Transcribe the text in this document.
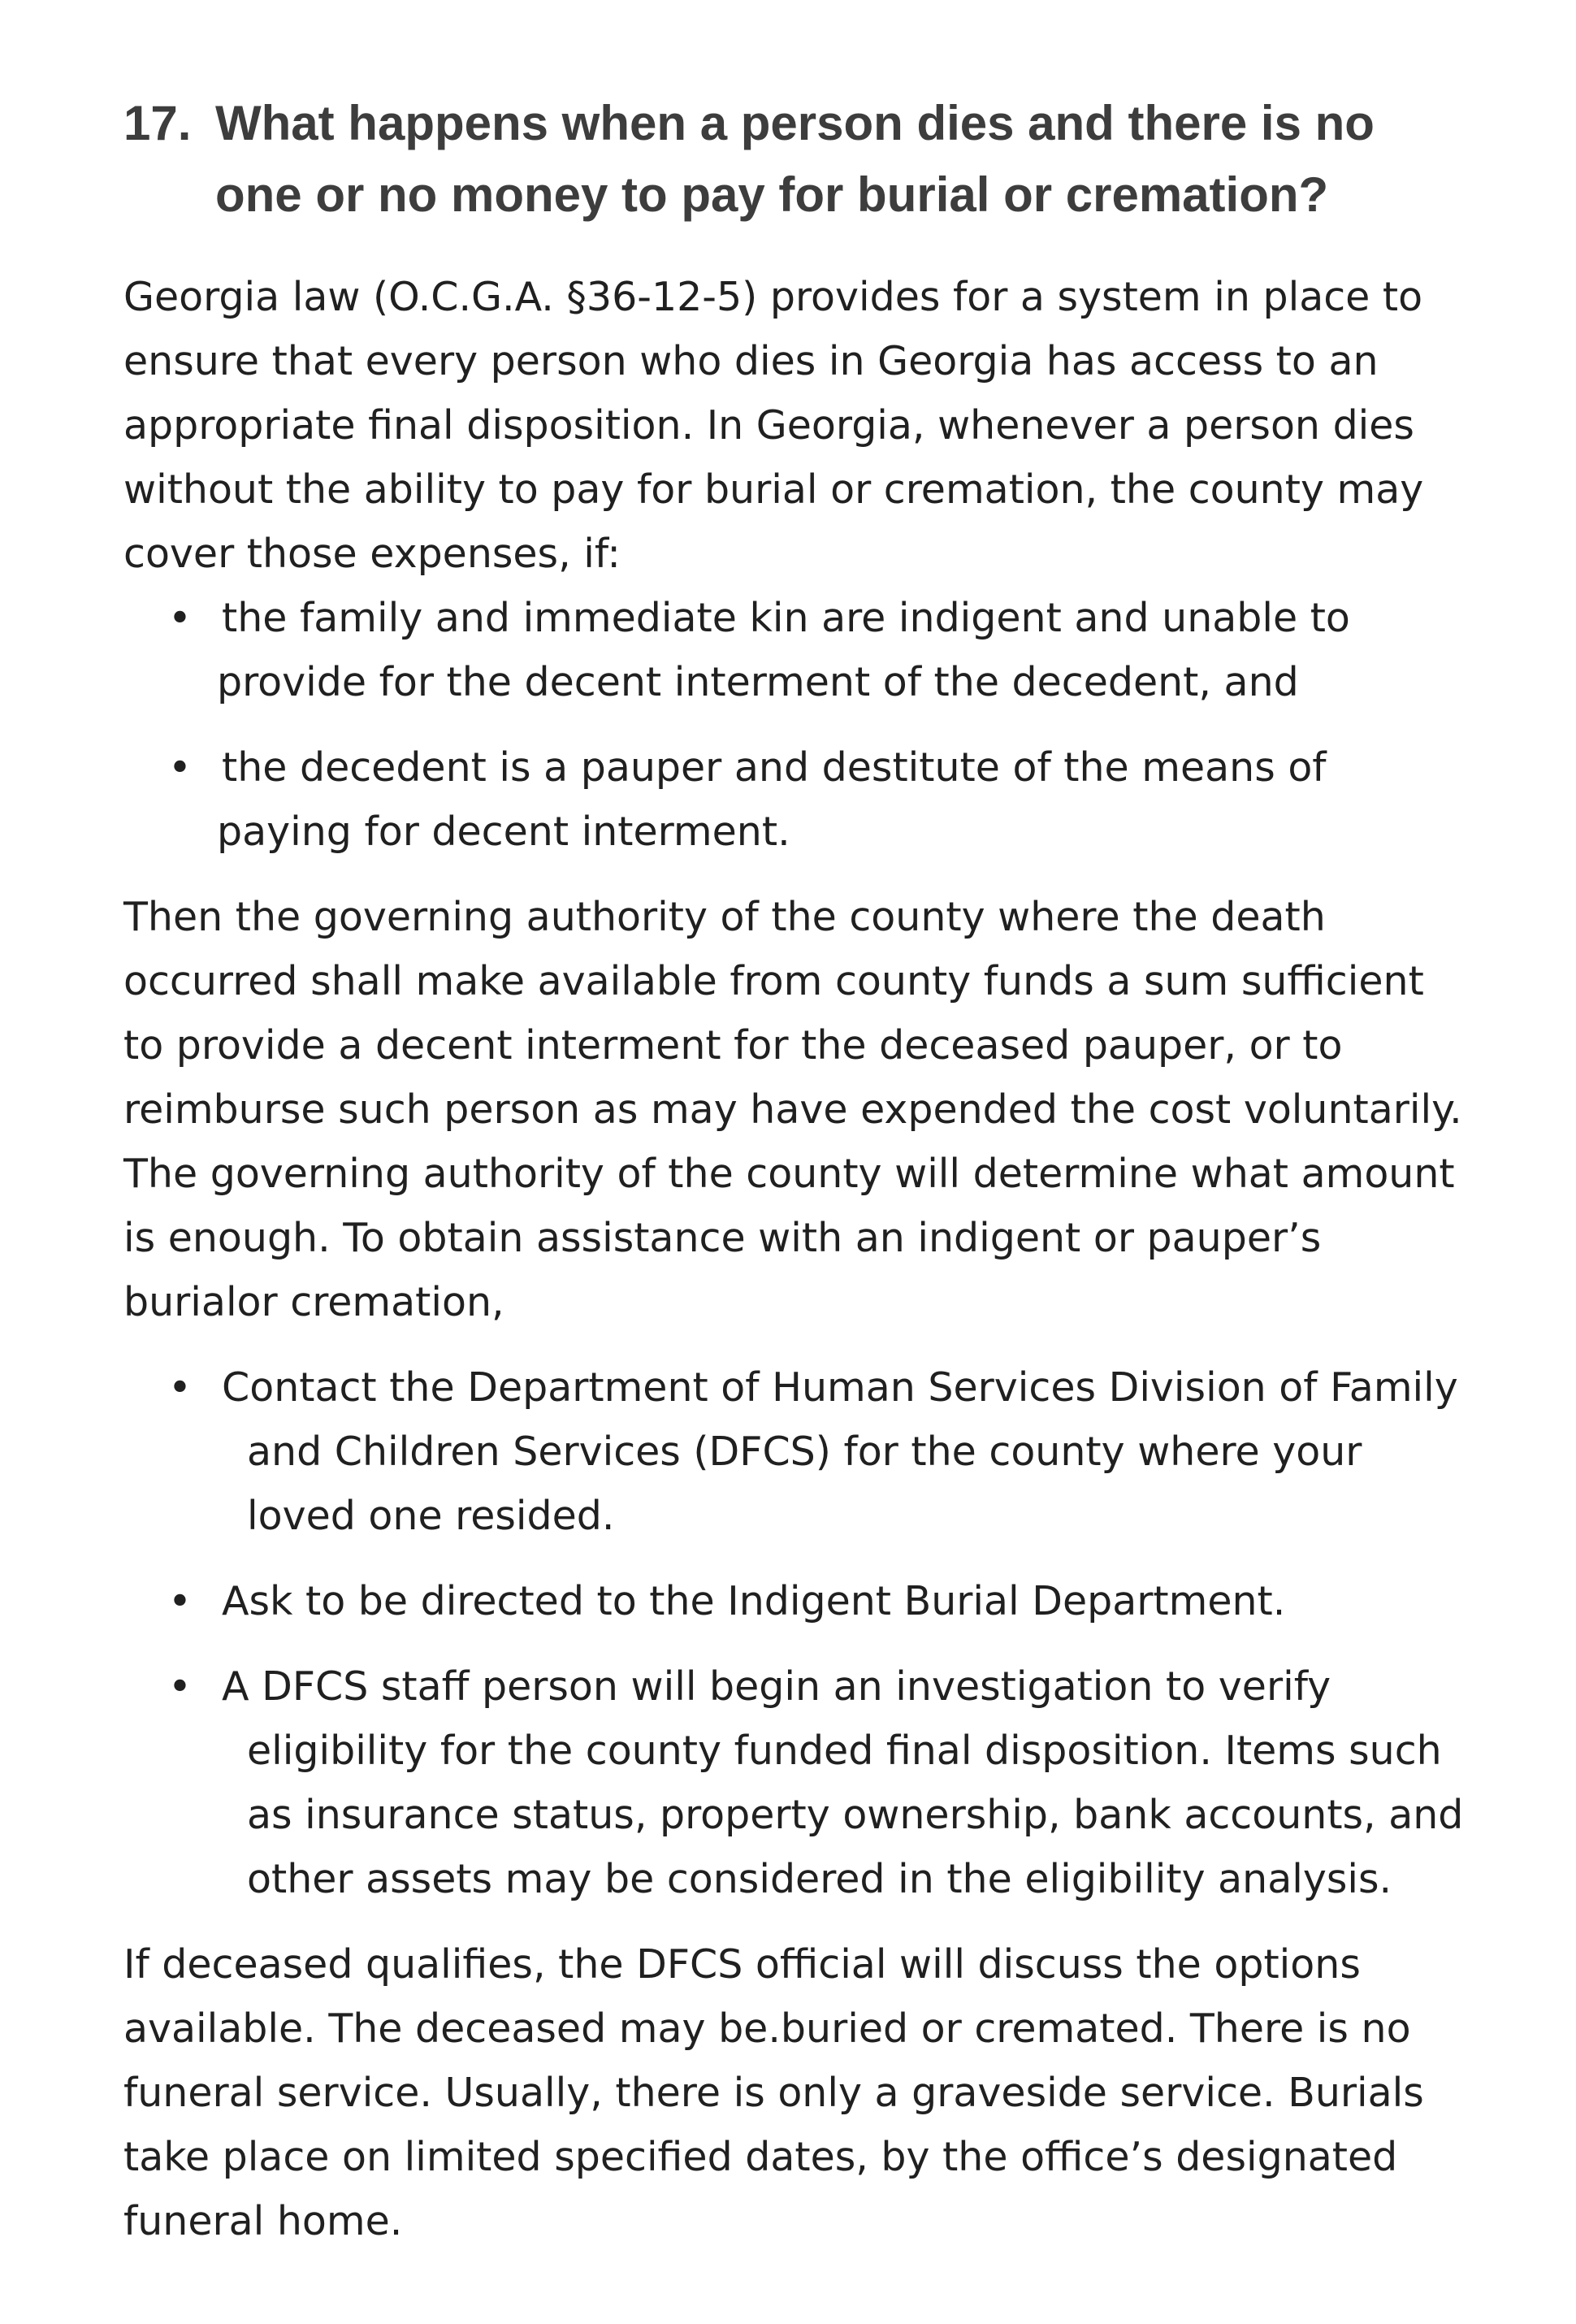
17. What happens when a person dies and there is no one or no money to pay for burial or cremation?

Georgia law (O.C.G.A. §36-12-5) provides for a system in place to ensure that every person who dies in Georgia has access to an appropriate final disposition. In Georgia, whenever a person dies without the ability to pay for burial or cremation, the county may cover those expenses, if:

• the family and immediate kin are indigent and unable to provide for the decent interment of the decedent, and
• the decedent is a pauper and destitute of the means of paying for decent interment.

Then the governing authority of the county where the death occurred shall make available from county funds a sum sufficient to provide a decent interment for the deceased pauper, or to reimburse such person as may have expended the cost voluntarily. The governing authority of the county will determine what amount is enough. To obtain assistance with an indigent or pauper’s burialor cremation,

• Contact the Department of Human Services Division of Family and Children Services (DFCS) for the county where your loved one resided.
• Ask to be directed to the Indigent Burial Department.
• A DFCS staff person will begin an investigation to verify eligibility for the county funded final disposition. Items such as insurance status, property ownership, bank accounts, and other assets may be considered in the eligibility analysis.

If deceased qualifies, the DFCS official will discuss the options available. The deceased may be.buried or cremated. There is no funeral service. Usually, there is only a graveside service. Burials take place on limited specified dates, by the office’s designated funeral home.
